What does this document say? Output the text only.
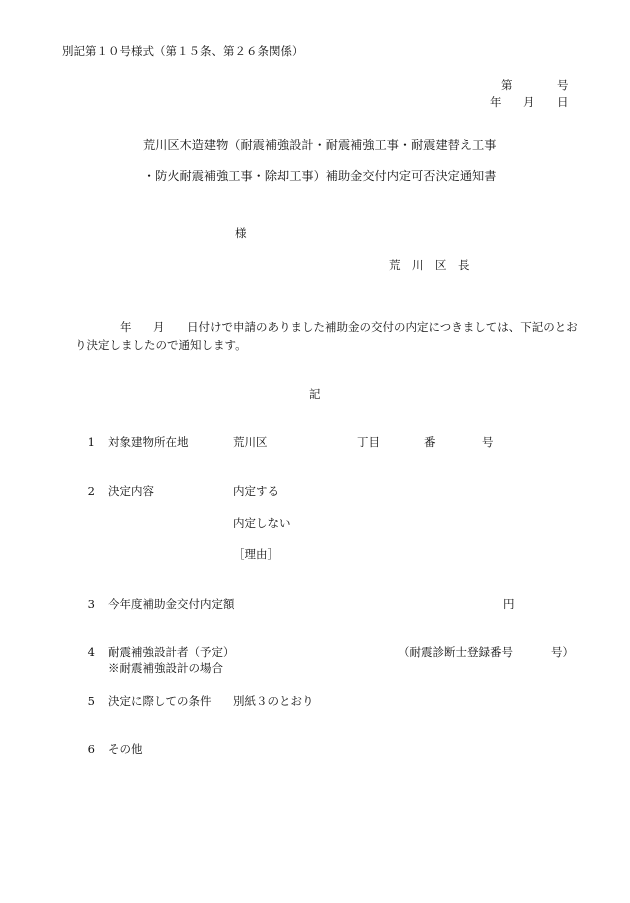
別記第１０号様式（第１５条、第２６条関係）
第	号
年 月 日
荒川区木造建物（耐震補強設計・耐震補強工事・耐震建替え工事
・防火耐震補強工事・除却工事）補助金交付内定可否決定通知書
様
荒　川　区　長
年 月 日付けで申請のありました補助金の交付の内定につきましては、下記のとお
り決定しましたので通知します。
記
1 対象建物所在地	荒川区	丁目	番	号
2 決定内容	内定する
内定しない
［理由］
3 今年度補助金交付内定額	円
4 耐震補強設計者（予定）	（耐震診断士登録番号	号）
※耐震補強設計の場合
5 決定に際しての条件 別紙３のとおり
6 その他
